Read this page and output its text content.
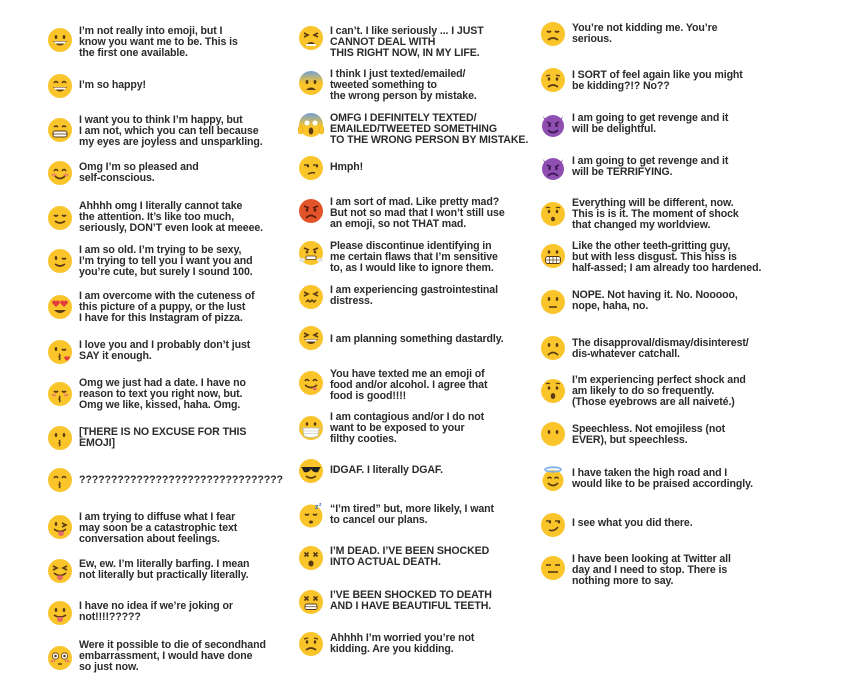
I’m not really into emoji, but I
know you want me to be. This is
the first one available.
I’m so happy!
I want you to think I’m happy, but
I am not, which you can tell because
my eyes are joyless and unsparkling.
Omg I’m so pleased and
self-conscious.
Ahhhh omg I literally cannot take
the attention. It’s like too much,
seriously, DON’T even look at meeee.
I am so old. I’m trying to be sexy,
I’m trying to tell you I want you and
you’re cute, but surely I sound 100.
I am overcome with the cuteness of
this picture of a puppy, or the lust
I have for this Instagram of pizza.
I love you and I probably don’t just
SAY it enough.
Omg we just had a date. I have no
reason to text you right now, but.
Omg we like, kissed, haha. Omg.
[THERE IS NO EXCUSE FOR THIS
EMOJI]
????????????????????????????????
I am trying to diffuse what I fear
may soon be a catastrophic text
conversation about feelings.
Ew, ew. I’m literally barfing. I mean
not literally but practically literally.
I have no idea if we’re joking or
not!!!!?????
Were it possible to die of secondhand
embarrassment, I would have done
so just now.
I can’t. I like seriously ... I JUST
CANNOT DEAL WITH
THIS RIGHT NOW, IN MY LIFE.
I think I just texted/emailed/
tweeted something to
the wrong person by mistake.
OMFG I DEFINITELY TEXTED/
EMAILED/TWEETED SOMETHING
TO THE WRONG PERSON BY MISTAKE.
Hmph!
I am sort of mad. Like pretty mad?
But not so mad that I won’t still use
an emoji, so not THAT mad.
Please discontinue identifying in
me certain flaws that I’m sensitive
to, as I would like to ignore them.
I am experiencing gastrointestinal
distress.
I am planning something dastardly.
You have texted me an emoji of
food and/or alcohol. I agree that
food is good!!!!
I am contagious and/or I do not
want to be exposed to your
filthy cooties.
IDGAF. I literally DGAF.
z z “I’m tired” but, more likely, I want
to cancel our plans.
I’M DEAD. I’VE BEEN SHOCKED
INTO ACTUAL DEATH.
I’VE BEEN SHOCKED TO DEATH
AND I HAVE BEAUTIFUL TEETH.
Ahhhh I’m worried you’re not
kidding. Are you kidding.
You’re not kidding me. You’re
serious.
I SORT of feel again like you might
be kidding?!? No??
I am going to get revenge and it
will be delightful.
I am going to get revenge and it
will be TERRIFYING.
Everything will be different, now.
This is is it. The moment of shock
that changed my worldview.
Like the other teeth-gritting guy,
but with less disgust. This hiss is
half-assed; I am already too hardened.
NOPE. Not having it. No. Nooooo,
nope, haha, no.
The disapproval/dismay/disinterest/
dis-whatever catchall.
I’m experiencing perfect shock and
am likely to do so frequently.
(Those eyebrows are all naiveté.)
Speechless. Not emojiless (not
EVER), but speechless.
I have taken the high road and I
would like to be praised accordingly.
I see what you did there.
I have been looking at Twitter all
day and I need to stop. There is
nothing more to say.
